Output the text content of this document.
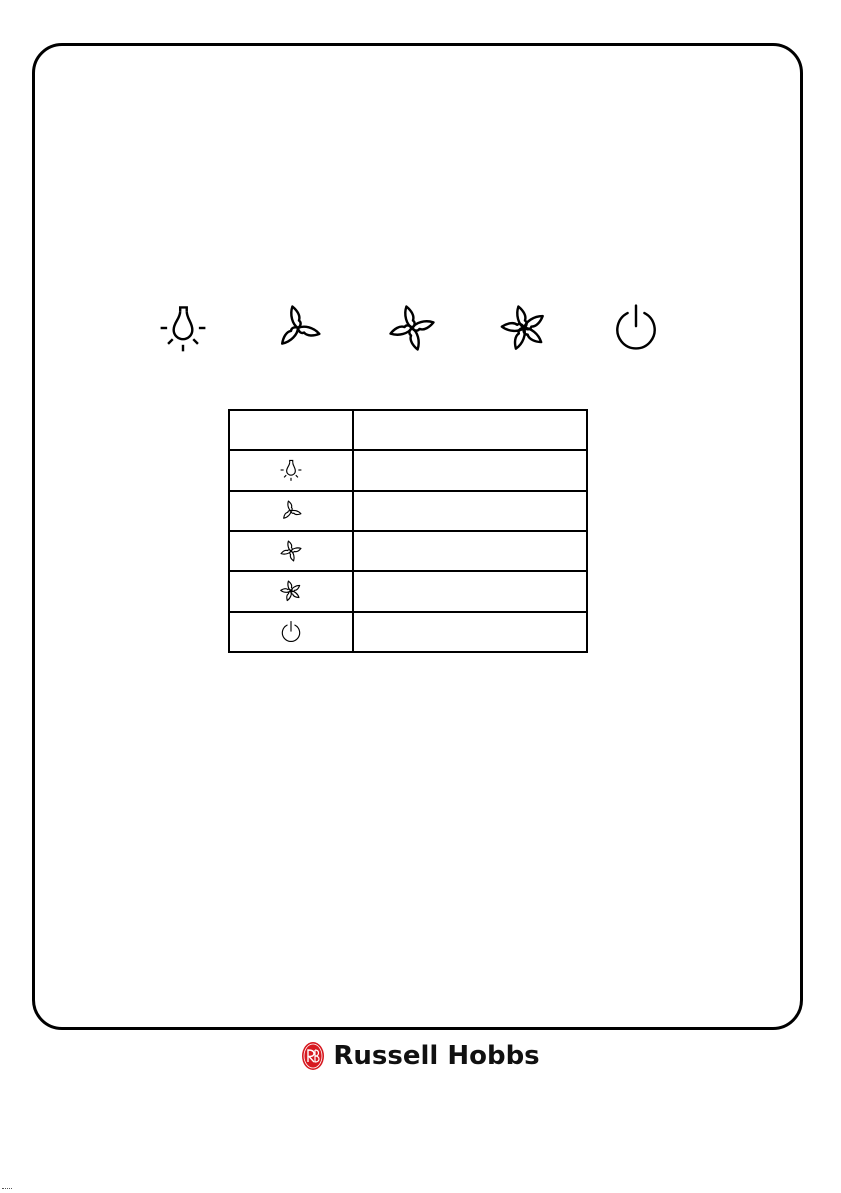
Russell Hobbs
